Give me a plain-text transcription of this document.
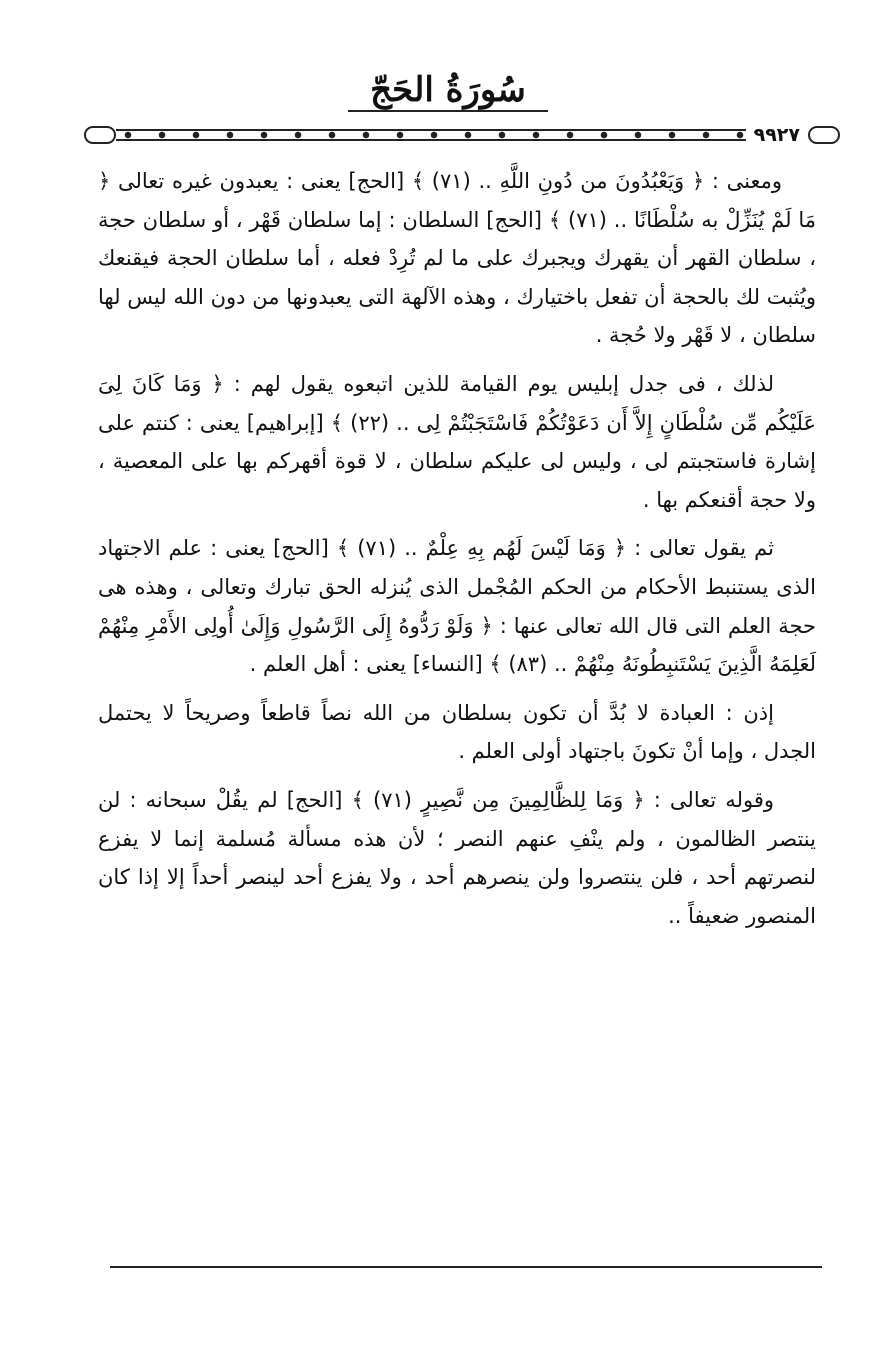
سُورَةُ الحَجّ
٩٩٢٧

ومعنى : ﴿ وَيَعْبُدُونَ من دُونِ اللَّهِ .. (٧١) ﴾ [الحج] يعنى : يعبدون غيره تعالى ﴿ مَا لَمْ يُنَزِّلْ به سُلْطَانًا .. (٧١) ﴾ [الحج] السلطان : إما سلطان قَهْر ، أو سلطان حجة ، سلطان القهر أن يقهرك ويجبرك على ما لم تُرِدْ فعله ، أما سلطان الحجة فيقنعك ويُثبت لك بالحجة أن تفعل باختيارك ، وهذه الآلهة التى يعبدونها من دون الله ليس لها سلطان ، لا قَهْر ولا حُجة .

لذلك ، فى جدل إبليس يوم القيامة للذين اتبعوه يقول لهم : ﴿ وَمَا كَانَ لِىَ عَلَيْكُم مِّن سُلْطَانٍ إِلاَّ أَن دَعَوْتُكُمْ فَاسْتَجَبْتُمْ لِى .. (٢٢) ﴾ [إبراهيم] يعنى : كنتم على إشارة فاستجبتم لى ، وليس لى عليكم سلطان ، لا قوة أقهركم بها على المعصية ، ولا حجة أقنعكم بها .

ثم يقول تعالى : ﴿ وَمَا لَيْسَ لَهُم بِهِ عِلْمٌ .. (٧١) ﴾ [الحج] يعنى : علم الاجتهاد الذى يستنبط الأحكام من الحكم المُجْمل الذى يُنزله الحق تبارك وتعالى ، وهذه هى حجة العلم التى قال الله تعالى عنها : ﴿ وَلَوْ رَدُّوهُ إِلَى الرَّسُولِ وَإِلَىٰ أُولِى الأَمْرِ مِنْهُمْ لَعَلِمَهُ الَّذِينَ يَسْتَنبِطُونَهُ مِنْهُمْ .. (٨٣) ﴾ [النساء] يعنى : أهل العلم .

إذن : العبادة لا بُدَّ أن تكون بسلطان من الله نصاً قاطعاً وصريحاً لا يحتمل الجدل ، وإما أنْ تكونَ باجتهاد أولى العلم .

وقوله تعالى : ﴿ وَمَا لِلظَّالِمِينَ مِن نَّصِيرٍ (٧١) ﴾ [الحج] لم يقُلْ سبحانه : لن ينتصر الظالمون ، ولم ينْفِ عنهم النصر ؛ لأن هذه مسألة مُسلمة إنما لا يفزع لنصرتهم أحد ، فلن ينتصروا ولن ينصرهم أحد ، ولا يفزع أحد لينصر أحداً إلا إذا كان المنصور ضعيفاً ..
